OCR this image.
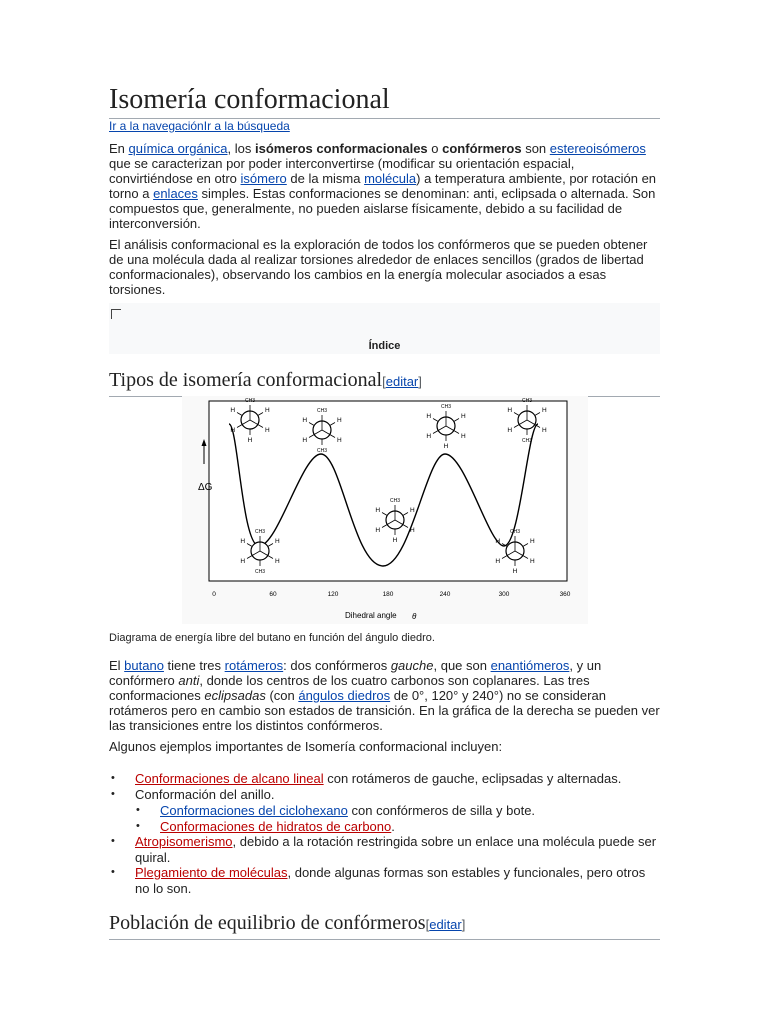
Isomería conformacional
Ir a la navegaciónIr a la búsqueda

En química orgánica, los isómeros conformacionales o confórmeros son estereoisómeros que se caracterizan por poder interconvertirse (modificar su orientación espacial, convirtiéndose en otro isómero de la misma molécula) a temperatura ambiente, por rotación en torno a enlaces simples. Estas conformaciones se denominan: anti, eclipsada o alternada. Son compuestos que, generalmente, no pueden aislarse físicamente, debido a su facilidad de interconversión.

El análisis conformacional es la exploración de todos los confórmeros que se pueden obtener de una molécula dada al realizar torsiones alrededor de enlaces sencillos (grados de libertad conformacionales), observando los cambios en la energía molecular asociados a esas torsiones.

Índice
Tipos de isomería conformacional[editar]
ΔG
0	60	120	180	240	300	360
Dihedral angle θ
CH3
H
H
H
H
H	CH3
H
H
CH3
H
H
CH3
H
H
H
H
H
CH3
H
H
CH3
H
H
CH3
H
H
H
H
H
CH3
H
H
CH3
H
H
CH3
H
H
H
H
H
Diagrama de energía libre del butano en función del ángulo diedro.

El butano tiene tres rotámeros: dos confórmeros gauche, que son enantiómeros, y un confórmero anti, donde los centros de los cuatro carbonos son coplanares. Las tres conformaciones eclipsadas (con ángulos diedros de 0°, 120° y 240°) no se consideran rotámeros pero en cambio son estados de transición. En la gráfica de la derecha se pueden ver las transiciones entre los distintos confórmeros.

Algunos ejemplos importantes de Isomería conformacional incluyen:

• Conformaciones de alcano lineal con rotámeros de gauche, eclipsadas y alternadas.
• Conformación del anillo.
• Conformaciones del ciclohexano con confórmeros de silla y bote.
• Conformaciones de hidratos de carbono.
• Atropisomerismo, debido a la rotación restringida sobre un enlace una molécula puede ser quiral.
• Plegamiento de moléculas, donde algunas formas son estables y funcionales, pero otros no lo son.
Población de equilibrio de confórmeros[editar]
